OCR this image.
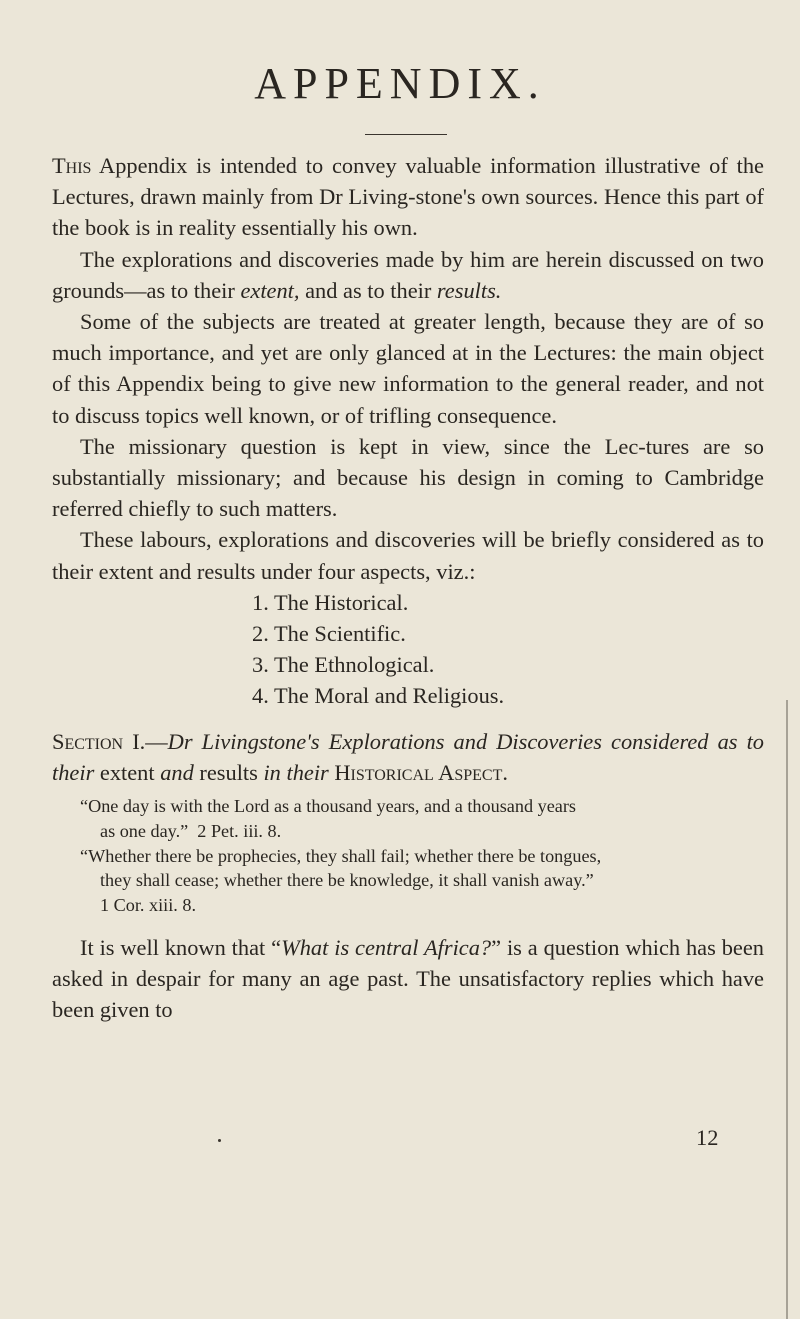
APPENDIX.

This Appendix is intended to convey valuable information illustrative of the Lectures, drawn mainly from Dr Living-stone's own sources. Hence this part of the book is in reality essentially his own.

The explorations and discoveries made by him are herein discussed on two grounds—as to their extent, and as to their results.

Some of the subjects are treated at greater length, because they are of so much importance, and yet are only glanced at in the Lectures: the main object of this Appendix being to give new information to the general reader, and not to discuss topics well known, or of trifling consequence.

The missionary question is kept in view, since the Lec-tures are so substantially missionary; and because his design in coming to Cambridge referred chiefly to such matters.

These labours, explorations and discoveries will be briefly considered as to their extent and results under four aspects, viz.:

1. The Historical.
2. The Scientific.
3. The Ethnological.
4. The Moral and Religious.

Section I.—Dr Livingstone's Explorations and Discoveries considered as to their extent and results in their Historical Aspect.

“One day is with the Lord as a thousand years, and a thousand years
as one day.” 2 Pet. iii. 8.
“Whether there be prophecies, they shall fail; whether there be tongues,
they shall cease; whether there be knowledge, it shall vanish away.”
1 Cor. xiii. 8.

It is well known that “What is central Africa?” is a question which has been asked in despair for many an age past. The unsatisfactory replies which have been given to

12
